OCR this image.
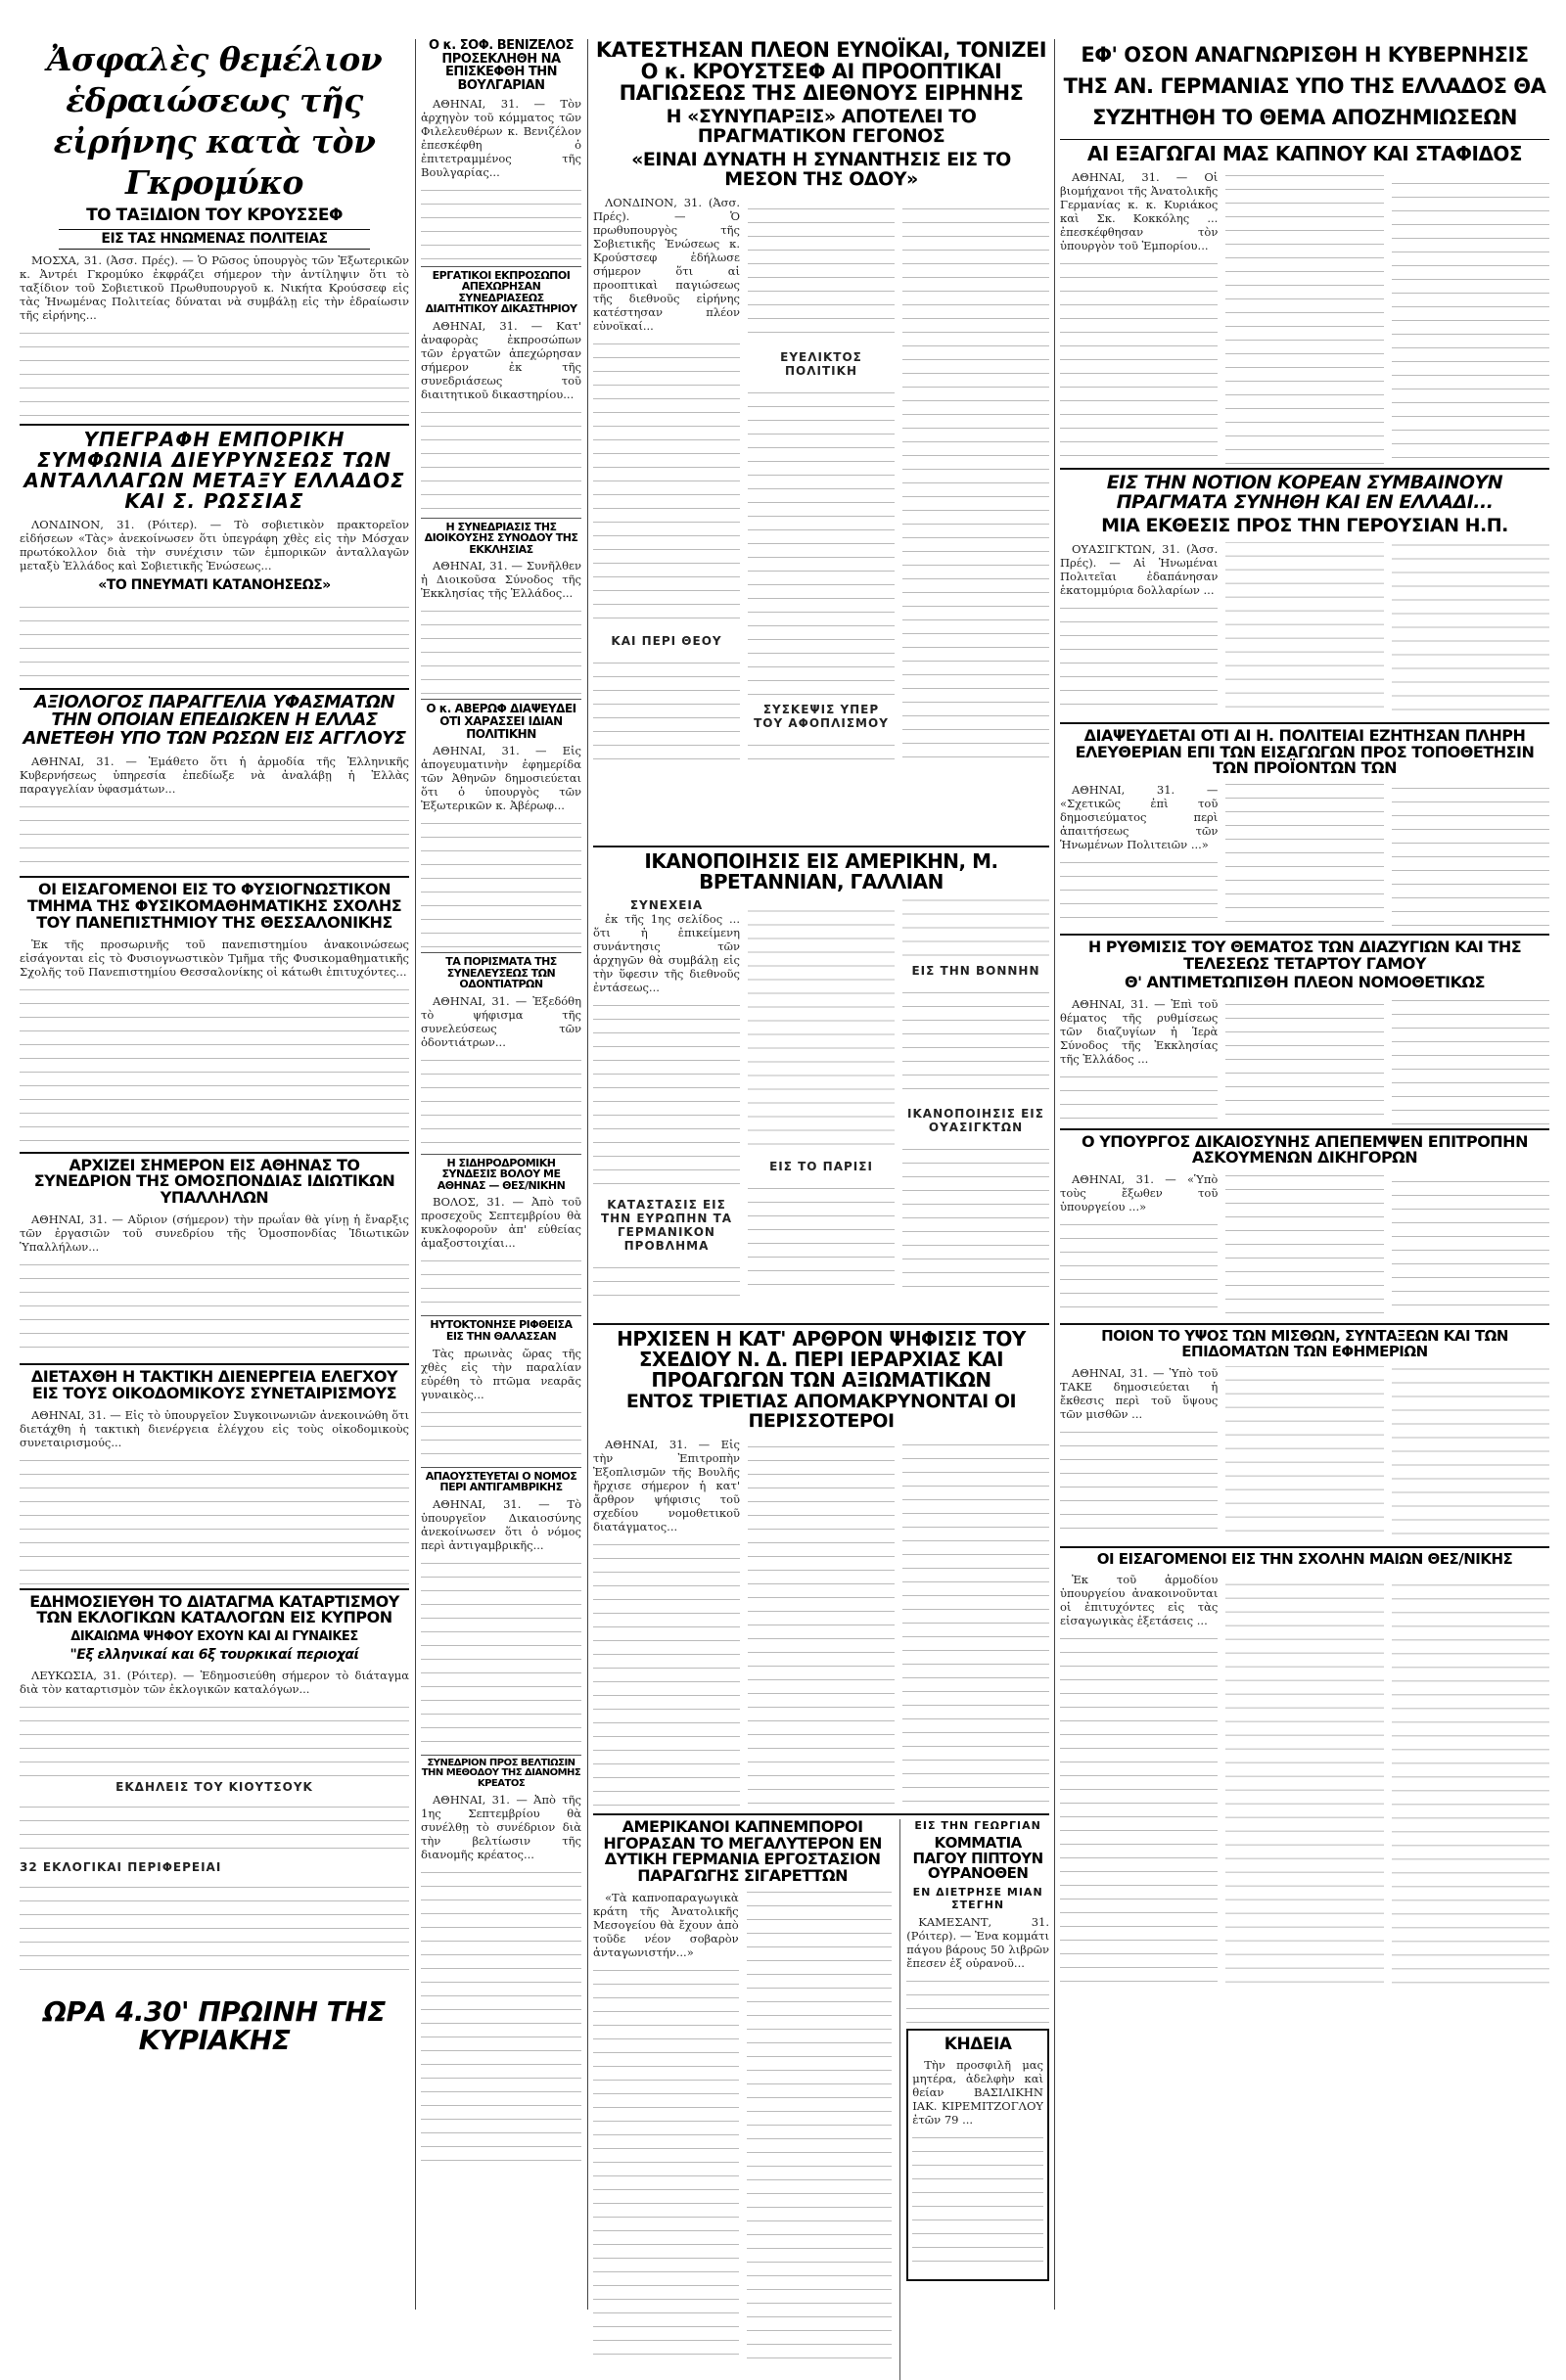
Ἀσφαλὲς θεμέλιον ἑδραιώσεως τῆς εἰρήνης κατὰ τὸν Γκρομύκο
ΤΟ ΤΑΞΙΔΙΟΝ ΤΟΥ ΚΡΟΥΣΣΕΦ
ΕΙΣ ΤΑΣ ΗΝΩΜΕΝΑΣ ΠΟΛΙΤΕΙΑΣ

ΜΟΣΧΑ, 31. (Ἀσσ. Πρές). — Ὁ Ρῶσος ὑπουργὸς τῶν Ἐξωτερικῶν κ. Ἀντρέι Γκρομύκο ἐκφράζει σήμερον τὴν ἀντίληψιν ὅτι τὸ ταξίδιον τοῦ Σοβιετικοῦ Πρωθυπουργοῦ κ. Νικήτα Κρούσσεφ εἰς τὰς Ἡνωμένας Πολιτείας δύναται νὰ συμβάλῃ εἰς τὴν ἑδραίωσιν τῆς εἰρήνης...

ΥΠΕΓΡΑΦΗ ΕΜΠΟΡΙΚΗ ΣΥΜΦΩΝΙΑ ΔΙΕΥΡΥΝΣΕΩΣ ΤΩΝ ΑΝΤΑΛΛΑΓΩΝ ΜΕΤΑΞΥ ΕΛΛΑΔΟΣ ΚΑΙ Σ. ΡΩΣΣΙΑΣ

ΛΟΝΔΙΝΟΝ, 31. (Ρόιτερ). — Τὸ σοβιετικὸν πρακτορεῖον εἰδήσεων «Τὰς» ἀνεκοίνωσεν ὅτι ὑπεγράφη χθὲς εἰς τὴν Μόσχαν πρωτόκολλον διὰ τὴν συνέχισιν τῶν ἐμπορικῶν ἀνταλλαγῶν μεταξὺ Ἑλλάδος καὶ Σοβιετικῆς Ἑνώσεως...

«ΤΟ ΠΝΕΥΜΑΤΙ ΚΑΤΑΝΟΗΣΕΩΣ»
ΑΞΙΟΛΟΓΟΣ ΠΑΡΑΓΓΕΛΙΑ ΥΦΑΣΜΑΤΩΝ ΤΗΝ ΟΠΟΙΑΝ ΕΠΕΔΙΩΚΕΝ Η ΕΛΛΑΣ ΑΝΕΤΕΘΗ ΥΠΟ ΤΩΝ ΡΩΣΩΝ ΕΙΣ ΑΓΓΛΟΥΣ

ΑΘΗΝΑΙ, 31. — Ἐμάθετο ὅτι ἡ ἀρμοδία τῆς Ἑλληνικῆς Κυβερνήσεως ὑπηρεσία ἐπεδίωξε νὰ ἀναλάβῃ ἡ Ἑλλὰς παραγγελίαν ὑφασμάτων...

ΟΙ ΕΙΣΑΓΟΜΕΝΟΙ ΕΙΣ ΤΟ ΦΥΣΙΟΓΝΩΣΤΙΚΟΝ ΤΜΗΜΑ ΤΗΣ ΦΥΣΙΚΟΜΑΘΗΜΑΤΙΚΗΣ ΣΧΟΛΗΣ ΤΟΥ ΠΑΝΕΠΙΣΤΗΜΙΟΥ ΤΗΣ ΘΕΣΣΑΛΟΝΙΚΗΣ

Ἐκ τῆς προσωρινῆς τοῦ πανεπιστημίου ἀνακοινώσεως εἰσάγονται εἰς τὸ Φυσιογνωστικὸν Τμῆμα τῆς Φυσικομαθηματικῆς Σχολῆς τοῦ Πανεπιστημίου Θεσσαλονίκης οἱ κάτωθι ἐπιτυχόντες...

ΑΡΧΙΖΕΙ ΣΗΜΕΡΟΝ ΕΙΣ ΑΘΗΝΑΣ ΤΟ ΣΥΝΕΔΡΙΟΝ ΤΗΣ ΟΜΟΣΠΟΝΔΙΑΣ ΙΔΙΩΤΙΚΩΝ ΥΠΑΛΛΗΛΩΝ

ΑΘΗΝΑΙ, 31. — Αὔριον (σήμερον) τὴν πρωΐαν θὰ γίνῃ ἡ ἔναρξις τῶν ἐργασιῶν τοῦ συνεδρίου τῆς Ὁμοσπονδίας Ἰδιωτικῶν Ὑπαλλήλων...

ΔΙΕΤΑΧΘΗ Η ΤΑΚΤΙΚΗ ΔΙΕΝΕΡΓΕΙΑ ΕΛΕΓΧΟΥ ΕΙΣ ΤΟΥΣ ΟΙΚΟΔΟΜΙΚΟΥΣ ΣΥΝΕΤΑΙΡΙΣΜΟΥΣ

ΑΘΗΝΑΙ, 31. — Εἰς τὸ ὑπουργεῖον Συγκοινωνιῶν ἀνεκοινώθη ὅτι διετάχθη ἡ τακτικὴ διενέργεια ἐλέγχου εἰς τοὺς οἰκοδομικοὺς συνεταιρισμούς...

ΕΔΗΜΟΣΙΕΥΘΗ ΤΟ ΔΙΑΤΑΓΜΑ ΚΑΤΑΡΤΙΣΜΟΥ ΤΩΝ ΕΚΛΟΓΙΚΩΝ ΚΑΤΑΛΟΓΩΝ ΕΙΣ ΚΥΠΡΟΝ
ΔΙΚΑΙΩΜΑ ΨΗΦΟΥ ΕΧΟΥΝ ΚΑΙ ΑΙ ΓΥΝΑΙΚΕΣ
"Εξ ελληνικαί και 6ξ τουρκικαί περιοχαί

ΛΕΥΚΩΣΙΑ, 31. (Ρόιτερ). — Ἐδημοσιεύθη σήμερον τὸ διάταγμα διὰ τὸν καταρτισμὸν τῶν ἐκλογικῶν καταλόγων...

ΕΚΔΗΛΕΙΣ ΤΟΥ ΚΙΟΥΤΣΟΥΚ
32 ΕΚΛΟΓΙΚΑΙ ΠΕΡΙΦΕΡΕΙΑΙ
ΩΡΑ 4.30' ΠΡΩΙΝΗ ΤΗΣ ΚΥΡΙΑΚΗΣ
Ο κ. ΣΟΦ. ΒΕΝΙΖΕΛΟΣ ΠΡΟΣΕΚΛΗΘΗ ΝΑ ΕΠΙΣΚΕΦΘΗ ΤΗΝ ΒΟΥΛΓΑΡΙΑΝ

ΑΘΗΝΑΙ, 31. — Τὸν ἀρχηγὸν τοῦ κόμματος τῶν Φιλελευθέρων κ. Βενιζέλον ἐπεσκέφθη ὁ ἐπιτετραμμένος τῆς Βουλγαρίας...

ΕΡΓΑΤΙΚΟΙ ΕΚΠΡΟΣΩΠΟΙ ΑΠΕΧΩΡΗΣΑΝ ΣΥΝΕΔΡΙΑΣΕΩΣ ΔΙΑΙΤΗΤΙΚΟΥ ΔΙΚΑΣΤΗΡΙΟΥ

ΑΘΗΝΑΙ, 31. — Κατ' ἀναφορὰς ἐκπροσώπων τῶν ἐργατῶν ἀπεχώρησαν σήμερον ἐκ τῆς συνεδριάσεως τοῦ διαιτητικοῦ δικαστηρίου...

Η ΣΥΝΕΔΡΙΑΣΙΣ ΤΗΣ ΔΙΟΙΚΟΥΣΗΣ ΣΥΝΟΔΟΥ ΤΗΣ ΕΚΚΛΗΣΙΑΣ

ΑΘΗΝΑΙ, 31. — Συνῆλθεν ἡ Διοικοῦσα Σύνοδος τῆς Ἐκκλησίας τῆς Ἑλλάδος...

Ο κ. ΑΒΕΡΩΦ ΔΙΑΨΕΥΔΕΙ ΟΤΙ ΧΑΡΑΣΣΕΙ ΙΔΙΑΝ ΠΟΛΙΤΙΚΗΝ

ΑΘΗΝΑΙ, 31. — Εἰς ἀπογευματινὴν ἐφημερίδα τῶν Ἀθηνῶν δημοσιεύεται ὅτι ὁ ὑπουργὸς τῶν Ἐξωτερικῶν κ. Ἀβέρωφ...

ΤΑ ΠΟΡΙΣΜΑΤΑ ΤΗΣ ΣΥΝΕΛΕΥΣΕΩΣ ΤΩΝ ΟΔΟΝΤΙΑΤΡΩΝ

ΑΘΗΝΑΙ, 31. — Ἐξεδόθη τὸ ψήφισμα τῆς συνελεύσεως τῶν ὀδοντιάτρων...

Η ΣΙΔΗΡΟΔΡΟΜΙΚΗ ΣΥΝΔΕΣΙΣ ΒΟΛΟΥ ΜΕ ΑΘΗΝΑΣ — ΘΕΣ/ΝΙΚΗΝ

ΒΟΛΟΣ, 31. — Ἀπὸ τοῦ προσεχοῦς Σεπτεμβρίου θὰ κυκλοφοροῦν ἀπ' εὐθείας ἁμαξοστοιχίαι...

ΗΥΤΟΚΤΟΝΗΣΕ ΡΙΦΘΕΙΣΑ ΕΙΣ ΤΗΝ ΘΑΛΑΣΣΑΝ

Τὰς πρωινὰς ὥρας τῆς χθὲς εἰς τὴν παραλίαν εὑρέθη τὸ πτῶμα νεαρᾶς γυναικὸς...

ΑΠΑΟΥΣΤΕΥΕΤΑΙ Ο ΝΟΜΟΣ ΠΕΡΙ ΑΝΤΙΓΑΜΒΡΙΚΗΣ

ΑΘΗΝΑΙ, 31. — Τὸ ὑπουργεῖον Δικαιοσύνης ἀνεκοίνωσεν ὅτι ὁ νόμος περὶ ἀντιγαμβρικῆς...

ΣΥΝΕΔΡΙΟΝ ΠΡΟΣ ΒΕΛΤΙΩΣΙΝ ΤΗΝ ΜΕΘΟΔΟΥ ΤΗΣ ΔΙΑΝΟΜΗΣ ΚΡΕΑΤΟΣ

ΑΘΗΝΑΙ, 31. — Ἀπὸ τῆς 1ης Σεπτεμβρίου θὰ συνέλθῃ τὸ συνέδριον διὰ τὴν βελτίωσιν τῆς διανομῆς κρέατος...

ΚΑΤΕΣΤΗΣΑΝ ΠΛΕΟΝ ΕΥΝΟΪΚΑΙ, ΤΟΝΙΖΕΙ Ο κ. ΚΡΟΥΣΤΣΕΦ ΑΙ ΠΡΟΟΠΤΙΚΑΙ ΠΑΓΙΩΣΕΩΣ ΤΗΣ ΔΙΕΘΝΟΥΣ ΕΙΡΗΝΗΣ
Η «ΣΥΝΥΠΑΡΞΙΣ» ΑΠΟΤΕΛΕΙ ΤΟ ΠΡΑΓΜΑΤΙΚΟΝ ΓΕΓΟΝΟΣ
«ΕΙΝΑΙ ΔΥΝΑΤΗ Η ΣΥΝΑΝΤΗΣΙΣ ΕΙΣ ΤΟ ΜΕΣΟΝ ΤΗΣ ΟΔΟΥ»

ΛΟΝΔΙΝΟΝ, 31. (Ἀσσ. Πρές). — Ὁ πρωθυπουργὸς τῆς Σοβιετικῆς Ἑνώσεως κ. Κρούστσεφ ἐδήλωσε σήμερον ὅτι αἱ προοπτικαὶ παγιώσεως τῆς διεθνοῦς εἰρήνης κατέστησαν πλέον εὐνοϊκαί...

ΚΑΙ ΠΕΡΙ ΘΕΟΥ
ΕΥΕΛΙΚΤΟΣ ΠΟΛΙΤΙΚΗ
ΣΥΣΚΕΨΙΣ ΥΠΕΡ ΤΟΥ ΑΦΟΠΛΙΣΜΟΥ
ΙΚΑΝΟΠΟΙΗΣΙΣ ΕΙΣ ΑΜΕΡΙΚΗΝ, Μ. ΒΡΕΤΑΝΝΙΑΝ, ΓΑΛΛΙΑΝ
ΣΥΝΕΧΕΙΑ

ἐκ τῆς 1ης σελίδος ... ὅτι ἡ ἐπικείμενη συνάντησις τῶν ἀρχηγῶν θὰ συμβάλῃ εἰς τὴν ὕφεσιν τῆς διεθνοῦς ἐντάσεως...

ΚΑΤΑΣΤΑΣΙΣ ΕΙΣ ΤΗΝ ΕΥΡΩΠΗΝ ΤΑ ΓΕΡΜΑΝΙΚΟΝ ΠΡΟΒΛΗΜΑ
ΕΙΣ ΤΟ ΠΑΡΙΣΙ
ΕΙΣ ΤΗΝ ΒΟΝΝΗΝ
ΙΚΑΝΟΠΟΙΗΣΙΣ ΕΙΣ ΟΥΑΣΙΓΚΤΩΝ
ΗΡΧΙΣΕΝ Η ΚΑΤ' ΑΡΘΡΟΝ ΨΗΦΙΣΙΣ ΤΟΥ ΣΧΕΔΙΟΥ Ν. Δ. ΠΕΡΙ ΙΕΡΑΡΧΙΑΣ ΚΑΙ ΠΡΟΑΓΩΓΩΝ ΤΩΝ ΑΞΙΩΜΑΤΙΚΩΝ
ΕΝΤΟΣ ΤΡΙΕΤΙΑΣ ΑΠΟΜΑΚΡΥΝΟΝΤΑΙ ΟΙ ΠΕΡΙΣΣΟΤΕΡΟΙ

ΑΘΗΝΑΙ, 31. — Εἰς τὴν Ἐπιτροπὴν Ἐξοπλισμῶν τῆς Βουλῆς ἤρχισε σήμερον ἡ κατ' ἄρθρον ψήφισις τοῦ σχεδίου νομοθετικοῦ διατάγματος...

ΑΜΕΡΙΚΑΝΟΙ ΚΑΠΝΕΜΠΟΡΟΙ ΗΓΟΡΑΣΑΝ ΤΟ ΜΕΓΑΛΥΤΕΡΟΝ ΕΝ ΔΥΤΙΚΗ ΓΕΡΜΑΝΙΑ ΕΡΓΟΣΤΑΣΙΟΝ ΠΑΡΑΓΩΓΗΣ ΣΙΓΑΡΕΤΤΩΝ

«Τὰ καπνοπαραγωγικὰ κράτη τῆς Ἀνατολικῆς Μεσογείου θὰ ἔχουν ἀπὸ τοῦδε νέον σοβαρὸν ἀνταγωνιστήν...»

ΕΙΣ ΤΗΝ ΓΕΩΡΓΙΑΝ
ΚΟΜΜΑΤΙΑ ΠΑΓΟΥ ΠΙΠΤΟΥΝ ΟΥΡΑΝΟΘΕΝ
ΕΝ ΔΙΕΤΡΗΣΕ ΜΙΑΝ ΣΤΕΓΗΝ

ΚΑΜΕΣΑΝΤ, 31. (Ρόιτερ). — Ἐνα κομμάτι πάγου βάρους 50 λιβρῶν ἔπεσεν ἐξ οὐρανοῦ...

ΚΗΔΕΙΑ

Τὴν προσφιλῆ μας μητέρα, ἀδελφὴν καὶ θείαν ΒΑΣΙΛΙΚΗΝ ΙΑΚ. ΚΙΡΕΜΙΤΖΟΓΛΟΥ ἐτῶν 79 ...

ΕΦ' ΟΣΟΝ ΑΝΑΓΝΩΡΙΣΘΗ Η ΚΥΒΕΡΝΗΣΙΣ ΤΗΣ ΑΝ. ΓΕΡΜΑΝΙΑΣ ΥΠΟ ΤΗΣ ΕΛΛΑΔΟΣ ΘΑ ΣΥΖΗΤΗΘΗ ΤΟ ΘΕΜΑ ΑΠΟΖΗΜΙΩΣΕΩΝ
ΑΙ ΕΞΑΓΩΓΑΙ ΜΑΣ ΚΑΠΝΟΥ ΚΑΙ ΣΤΑΦΙΔΟΣ

ΑΘΗΝΑΙ, 31. — Οἱ βιομήχανοι τῆς Ἀνατολικῆς Γερμανίας κ. κ. Κυριάκος καὶ Σκ. Κοκκόλης ... ἐπεσκέφθησαν τὸν ὑπουργὸν τοῦ Ἐμπορίου...

ΕΙΣ ΤΗΝ ΝΟΤΙΟΝ ΚΟΡΕΑΝ ΣΥΜΒΑΙΝΟΥΝ ΠΡΑΓΜΑΤΑ ΣΥΝΗΘΗ ΚΑΙ ΕΝ ΕΛΛΑΔΙ...
ΜΙΑ ΕΚΘΕΣΙΣ ΠΡΟΣ ΤΗΝ ΓΕΡΟΥΣΙΑΝ Η.Π.

ΟΥΑΣΙΓΚΤΩΝ, 31. (Ἀσσ. Πρές). — Αἱ Ἡνωμέναι Πολιτεῖαι ἐδαπάνησαν ἑκατομμύρια δολλαρίων ...

ΔΙΑΨΕΥΔΕΤΑΙ ΟΤΙ ΑΙ Η. ΠΟΛΙΤΕΙΑΙ ΕΖΗΤΗΣΑΝ ΠΛΗΡΗ ΕΛΕΥΘΕΡΙΑΝ ΕΠΙ ΤΩΝ ΕΙΣΑΓΩΓΩΝ ΠΡΟΣ ΤΟΠΟΘΕΤΗΣΙΝ ΤΩΝ ΠΡΟΪΟΝΤΩΝ ΤΩΝ

ΑΘΗΝΑΙ, 31. — «Σχετικῶς ἐπὶ τοῦ δημοσιεύματος περὶ ἀπαιτήσεως τῶν Ἡνωμένων Πολιτειῶν ...»

Η ΡΥΘΜΙΣΙΣ ΤΟΥ ΘΕΜΑΤΟΣ ΤΩΝ ΔΙΑΖΥΓΙΩΝ ΚΑΙ ΤΗΣ ΤΕΛΕΣΕΩΣ ΤΕΤΑΡΤΟΥ ΓΑΜΟΥ
Θ' ΑΝΤΙΜΕΤΩΠΙΣΘΗ ΠΛΕΟΝ ΝΟΜΟΘΕΤΙΚΩΣ

ΑΘΗΝΑΙ, 31. — Ἐπὶ τοῦ θέματος τῆς ρυθμίσεως τῶν διαζυγίων ἡ Ἱερὰ Σύνοδος τῆς Ἐκκλησίας τῆς Ἑλλάδος ...

Ο ΥΠΟΥΡΓΟΣ ΔΙΚΑΙΟΣΥΝΗΣ ΑΠΕΠΕΜΨΕΝ ΕΠΙΤΡΟΠΗΝ ΑΣΚΟΥΜΕΝΩΝ ΔΙΚΗΓΟΡΩΝ

ΑΘΗΝΑΙ, 31. — «Ὑπὸ τοὺς ἔξωθεν τοῦ ὑπουργείου ...»

ΠΟΙΟΝ ΤΟ ΥΨΟΣ ΤΩΝ ΜΙΣΘΩΝ, ΣΥΝΤΑΞΕΩΝ ΚΑΙ ΤΩΝ ΕΠΙΔΟΜΑΤΩΝ ΤΩΝ ΕΦΗΜΕΡΙΩΝ

ΑΘΗΝΑΙ, 31. — Ὑπὸ τοῦ ΤΑΚΕ δημοσιεύεται ἡ ἔκθεσις περὶ τοῦ ὕψους τῶν μισθῶν ...

ΟΙ ΕΙΣΑΓΟΜΕΝΟΙ ΕΙΣ ΤΗΝ ΣΧΟΛΗΝ ΜΑΙΩΝ ΘΕΣ/ΝΙΚΗΣ

Ἐκ τοῦ ἀρμοδίου ὑπουργείου ἀνακοινοῦνται οἱ ἐπιτυχόντες εἰς τὰς εἰσαγωγικὰς ἐξετάσεις ...
